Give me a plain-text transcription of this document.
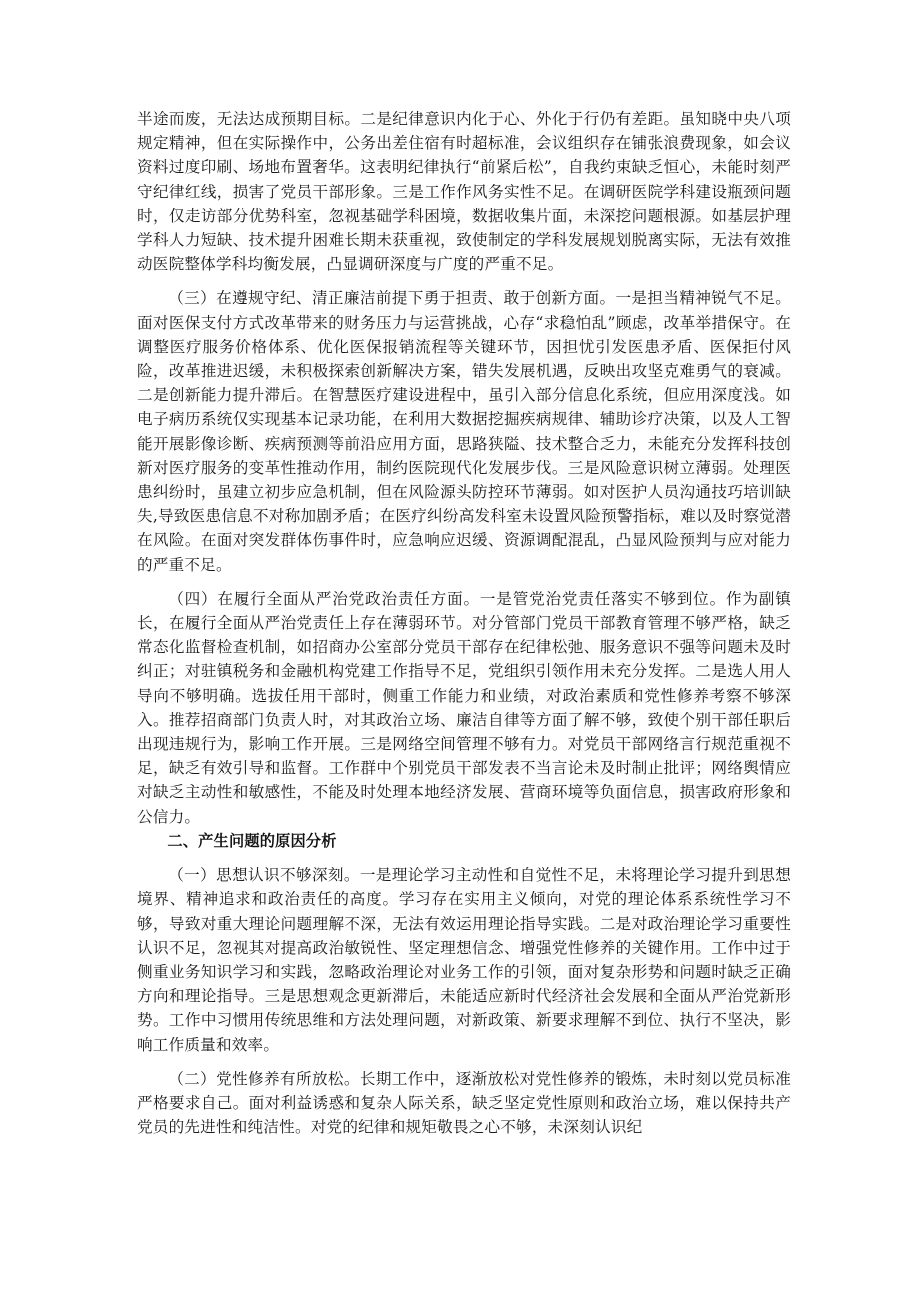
半途而废，无法达成预期目标。二是纪律意识内化于心、外化于行仍有差距。虽知晓中央八项规定精神，但在实际操作中，公务出差住宿有时超标准，会议组织存在铺张浪费现象，如会议资料过度印刷、场地布置奢华。这表明纪律执行“前紧后松”，自我约束缺乏恒心，未能时刻严守纪律红线，损害了党员干部形象。三是工作作风务实性不足。在调研医院学科建设瓶颈问题时，仅走访部分优势科室，忽视基础学科困境，数据收集片面，未深挖问题根源。如基层护理学科人力短缺、技术提升困难长期未获重视，致使制定的学科发展规划脱离实际，无法有效推动医院整体学科均衡发展，凸显调研深度与广度的严重不足。

（三）在遵规守纪、清正廉洁前提下勇于担责、敢于创新方面。一是担当精神锐气不足。面对医保支付方式改革带来的财务压力与运营挑战，心存“求稳怕乱”顾虑，改革举措保守。在调整医疗服务价格体系、优化医保报销流程等关键环节，因担忧引发医患矛盾、医保拒付风险，改革推进迟缓，未积极探索创新解决方案，错失发展机遇，反映出攻坚克难勇气的衰减。二是创新能力提升滞后。在智慧医疗建设进程中，虽引入部分信息化系统，但应用深度浅。如电子病历系统仅实现基本记录功能，在利用大数据挖掘疾病规律、辅助诊疗决策，以及人工智能开展影像诊断、疾病预测等前沿应用方面，思路狭隘、技术整合乏力，未能充分发挥科技创新对医疗服务的变革性推动作用，制约医院现代化发展步伐。三是风险意识树立薄弱。处理医患纠纷时，虽建立初步应急机制，但在风险源头防控环节薄弱。如对医护人员沟通技巧培训缺失,导致医患信息不对称加剧矛盾；在医疗纠纷高发科室未设置风险预警指标，难以及时察觉潜在风险。在面对突发群体伤事件时，应急响应迟缓、资源调配混乱，凸显风险预判与应对能力的严重不足。

（四）在履行全面从严治党政治责任方面。一是管党治党责任落实不够到位。作为副镇长，在履行全面从严治党责任上存在薄弱环节。对分管部门党员干部教育管理不够严格，缺乏常态化监督检查机制，如招商办公室部分党员干部存在纪律松弛、服务意识不强等问题未及时纠正；对驻镇税务和金融机构党建工作指导不足，党组织引领作用未充分发挥。二是选人用人导向不够明确。选拔任用干部时，侧重工作能力和业绩，对政治素质和党性修养考察不够深入。推荐招商部门负责人时，对其政治立场、廉洁自律等方面了解不够，致使个别干部任职后出现违规行为，影响工作开展。三是网络空间管理不够有力。对党员干部网络言行规范重视不足，缺乏有效引导和监督。工作群中个别党员干部发表不当言论未及时制止批评；网络舆情应对缺乏主动性和敏感性，不能及时处理本地经济发展、营商环境等负面信息，损害政府形象和公信力。

二、产生问题的原因分析

（一）思想认识不够深刻。一是理论学习主动性和自觉性不足，未将理论学习提升到思想境界、精神追求和政治责任的高度。学习存在实用主义倾向，对党的理论体系系统性学习不够，导致对重大理论问题理解不深，无法有效运用理论指导实践。二是对政治理论学习重要性认识不足，忽视其对提高政治敏锐性、坚定理想信念、增强党性修养的关键作用。工作中过于侧重业务知识学习和实践，忽略政治理论对业务工作的引领，面对复杂形势和问题时缺乏正确方向和理论指导。三是思想观念更新滞后，未能适应新时代经济社会发展和全面从严治党新形势。工作中习惯用传统思维和方法处理问题，对新政策、新要求理解不到位、执行不坚决，影响工作质量和效率。

（二）党性修养有所放松。长期工作中，逐渐放松对党性修养的锻炼，未时刻以党员标准严格要求自己。面对利益诱惑和复杂人际关系，缺乏坚定党性原则和政治立场，难以保持共产党员的先进性和纯洁性。对党的纪律和规矩敬畏之心不够，未深刻认识纪
